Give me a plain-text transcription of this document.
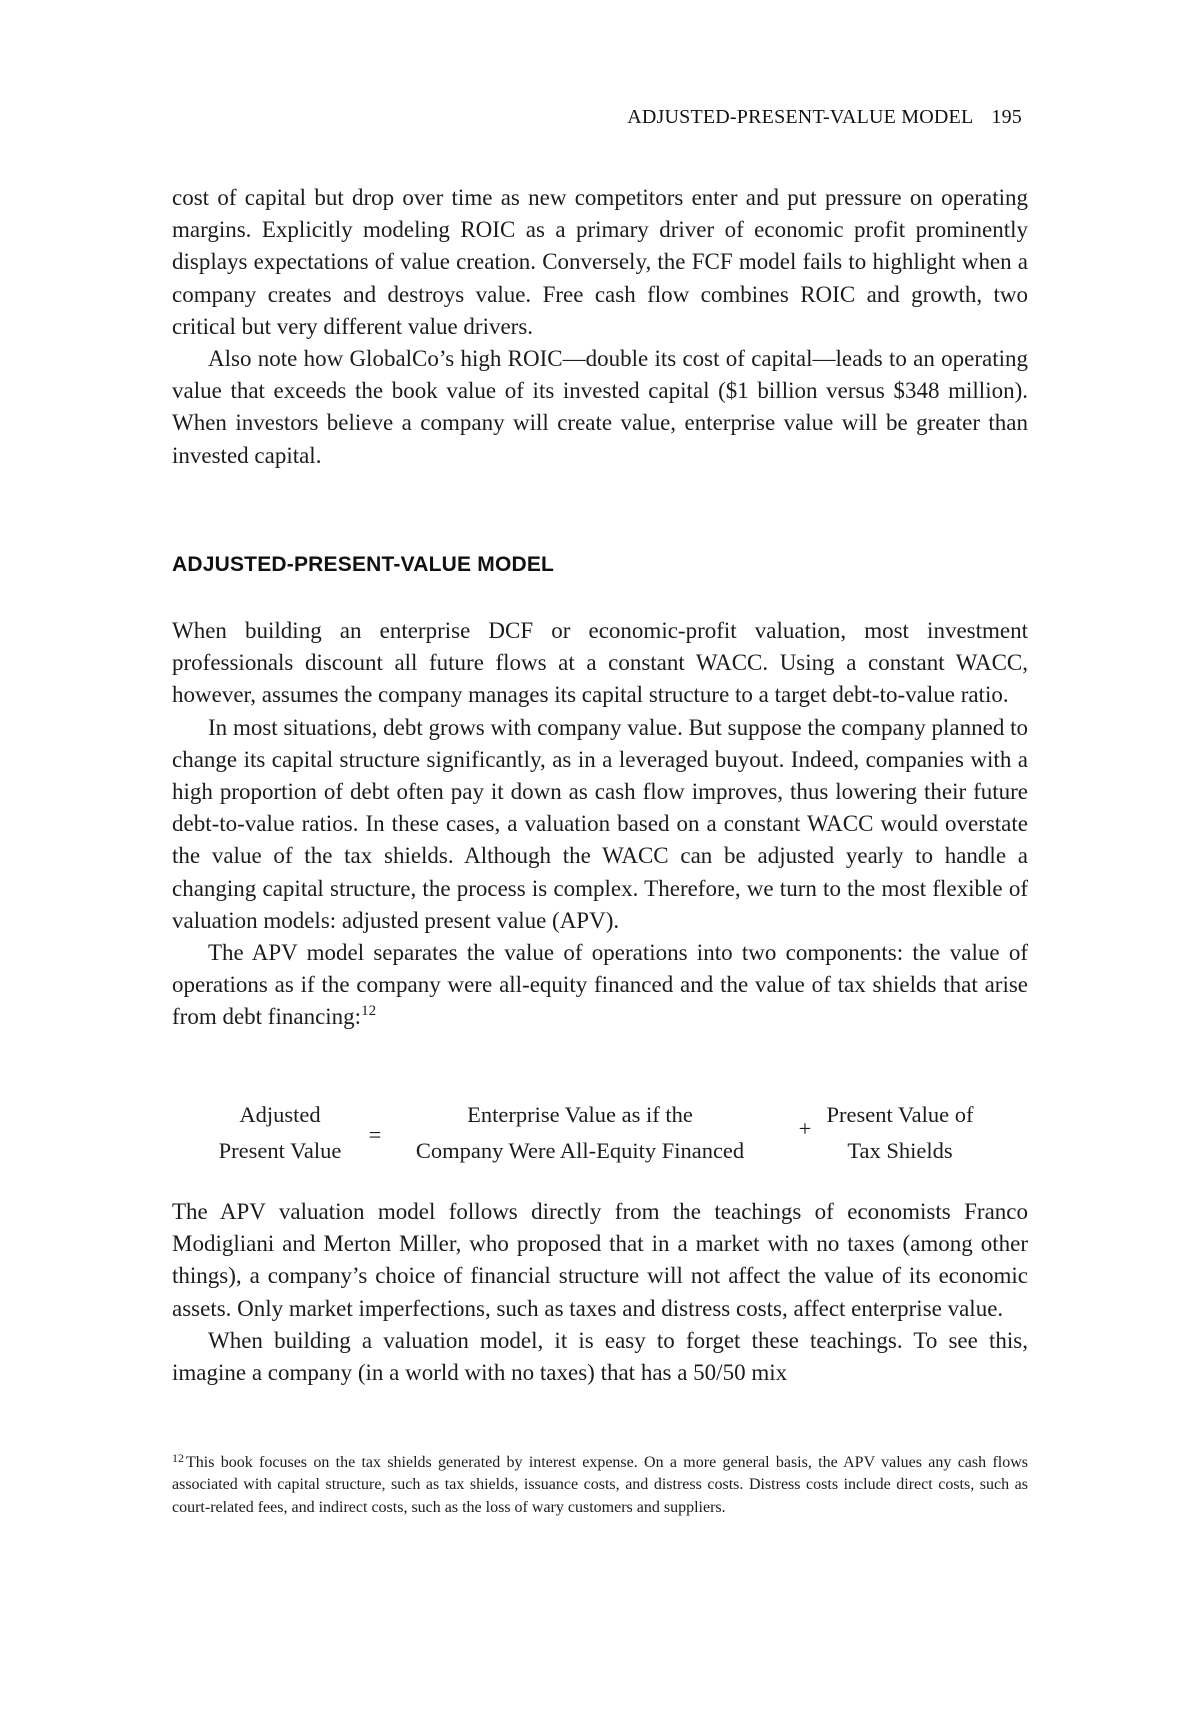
ADJUSTED-PRESENT-VALUE MODEL 195

cost of capital but drop over time as new competitors enter and put pressure on operating margins. Explicitly modeling ROIC as a primary driver of economic profit prominently displays expectations of value creation. Conversely, the FCF model fails to highlight when a company creates and destroys value. Free cash flow combines ROIC and growth, two critical but very different value drivers.

Also note how GlobalCo’s high ROIC—double its cost of capital—leads to an operating value that exceeds the book value of its invested capital ($1 billion versus $348 million). When investors believe a company will create value, enterprise value will be greater than invested capital.

ADJUSTED-PRESENT-VALUE MODEL

When building an enterprise DCF or economic-profit valuation, most investment professionals discount all future flows at a constant WACC. Using a constant WACC, however, assumes the company manages its capital structure to a target debt-to-value ratio.

In most situations, debt grows with company value. But suppose the company planned to change its capital structure significantly, as in a leveraged buyout. Indeed, companies with a high proportion of debt often pay it down as cash flow improves, thus lowering their future debt-to-value ratios. In these cases, a valuation based on a constant WACC would overstate the value of the tax shields. Although the WACC can be adjusted yearly to handle a changing capital structure, the process is complex. Therefore, we turn to the most flexible of valuation models: adjusted present value (APV).

The APV model separates the value of operations into two components: the value of operations as if the company were all-equity financed and the value of tax shields that arise from debt financing:$^{12}$

Adjusted
Present Value
=
Enterprise Value as if the
Company Were All-Equity Financed
+
Present Value of
Tax Shields

The APV valuation model follows directly from the teachings of economists Franco Modigliani and Merton Miller, who proposed that in a market with no taxes (among other things), a company’s choice of financial structure will not affect the value of its economic assets. Only market imperfections, such as taxes and distress costs, affect enterprise value.

When building a valuation model, it is easy to forget these teachings. To see this, imagine a company (in a world with no taxes) that has a 50/50 mix

$^{12}$ This book focuses on the tax shields generated by interest expense. On a more general basis, the APV values any cash flows associated with capital structure, such as tax shields, issuance costs, and distress costs. Distress costs include direct costs, such as court-related fees, and indirect costs, such as the loss of wary customers and suppliers.
